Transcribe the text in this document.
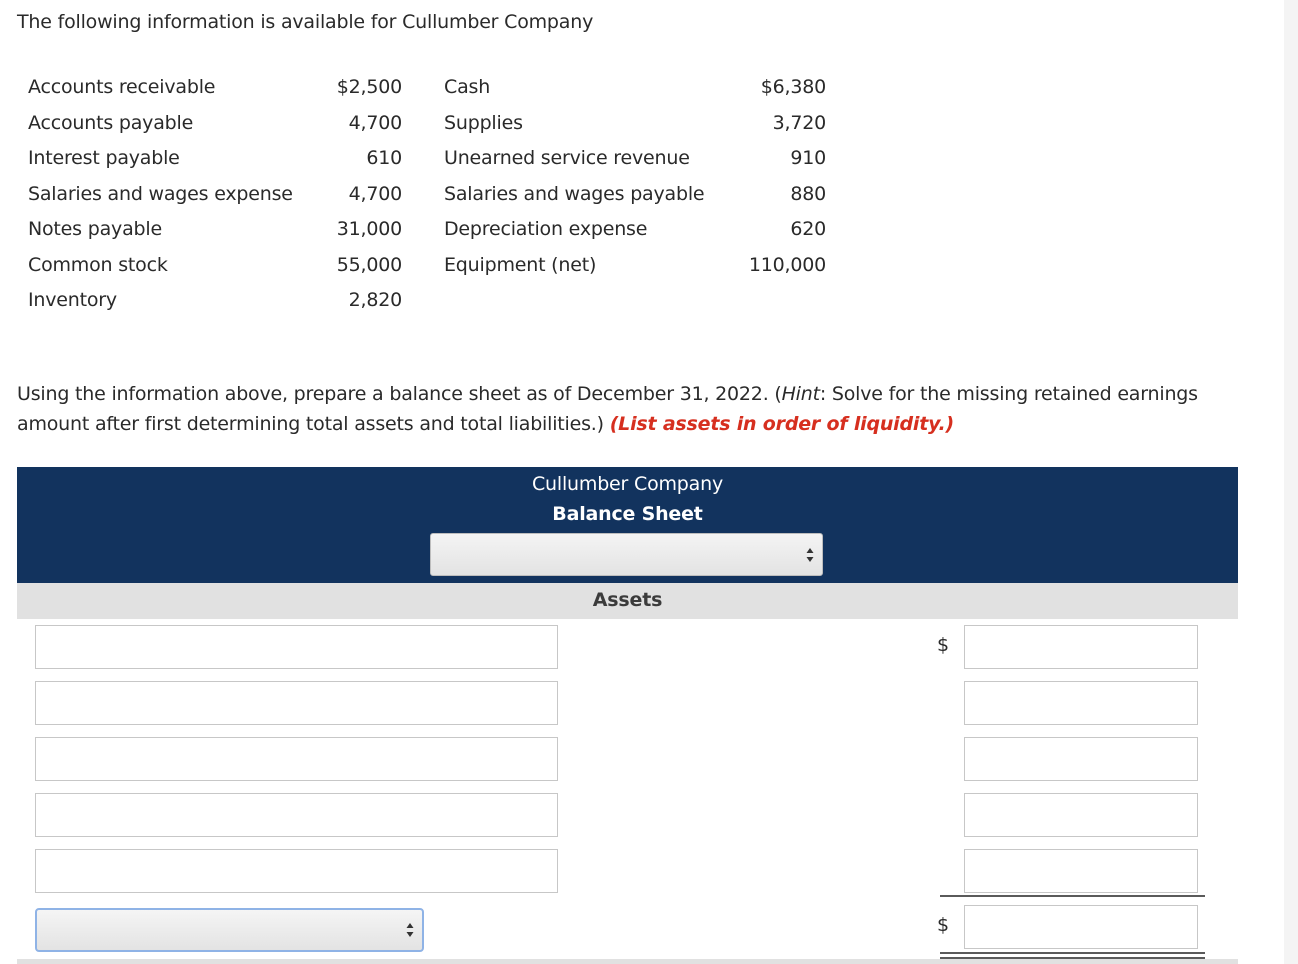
The following information is available for Cullumber Company
Accounts receivable	$2,500 Cash	$6,380
Accounts payable	4,700 Supplies	3,720
Interest payable	610 Unearned service revenue	910
Salaries and wages expense	4,700 Salaries and wages payable	880
Notes payable	31,000 Depreciation expense	620
Common stock	55,000 Equipment (net)	110,000
Inventory	2,820
Using the information above, prepare a balance sheet as of December 31, 2022. (Hint: Solve for the missing retained earnings amount after first determining total assets and total liabilities.) (List assets in order of liquidity.)
Cullumber Company
Balance Sheet
Assets
$
$
